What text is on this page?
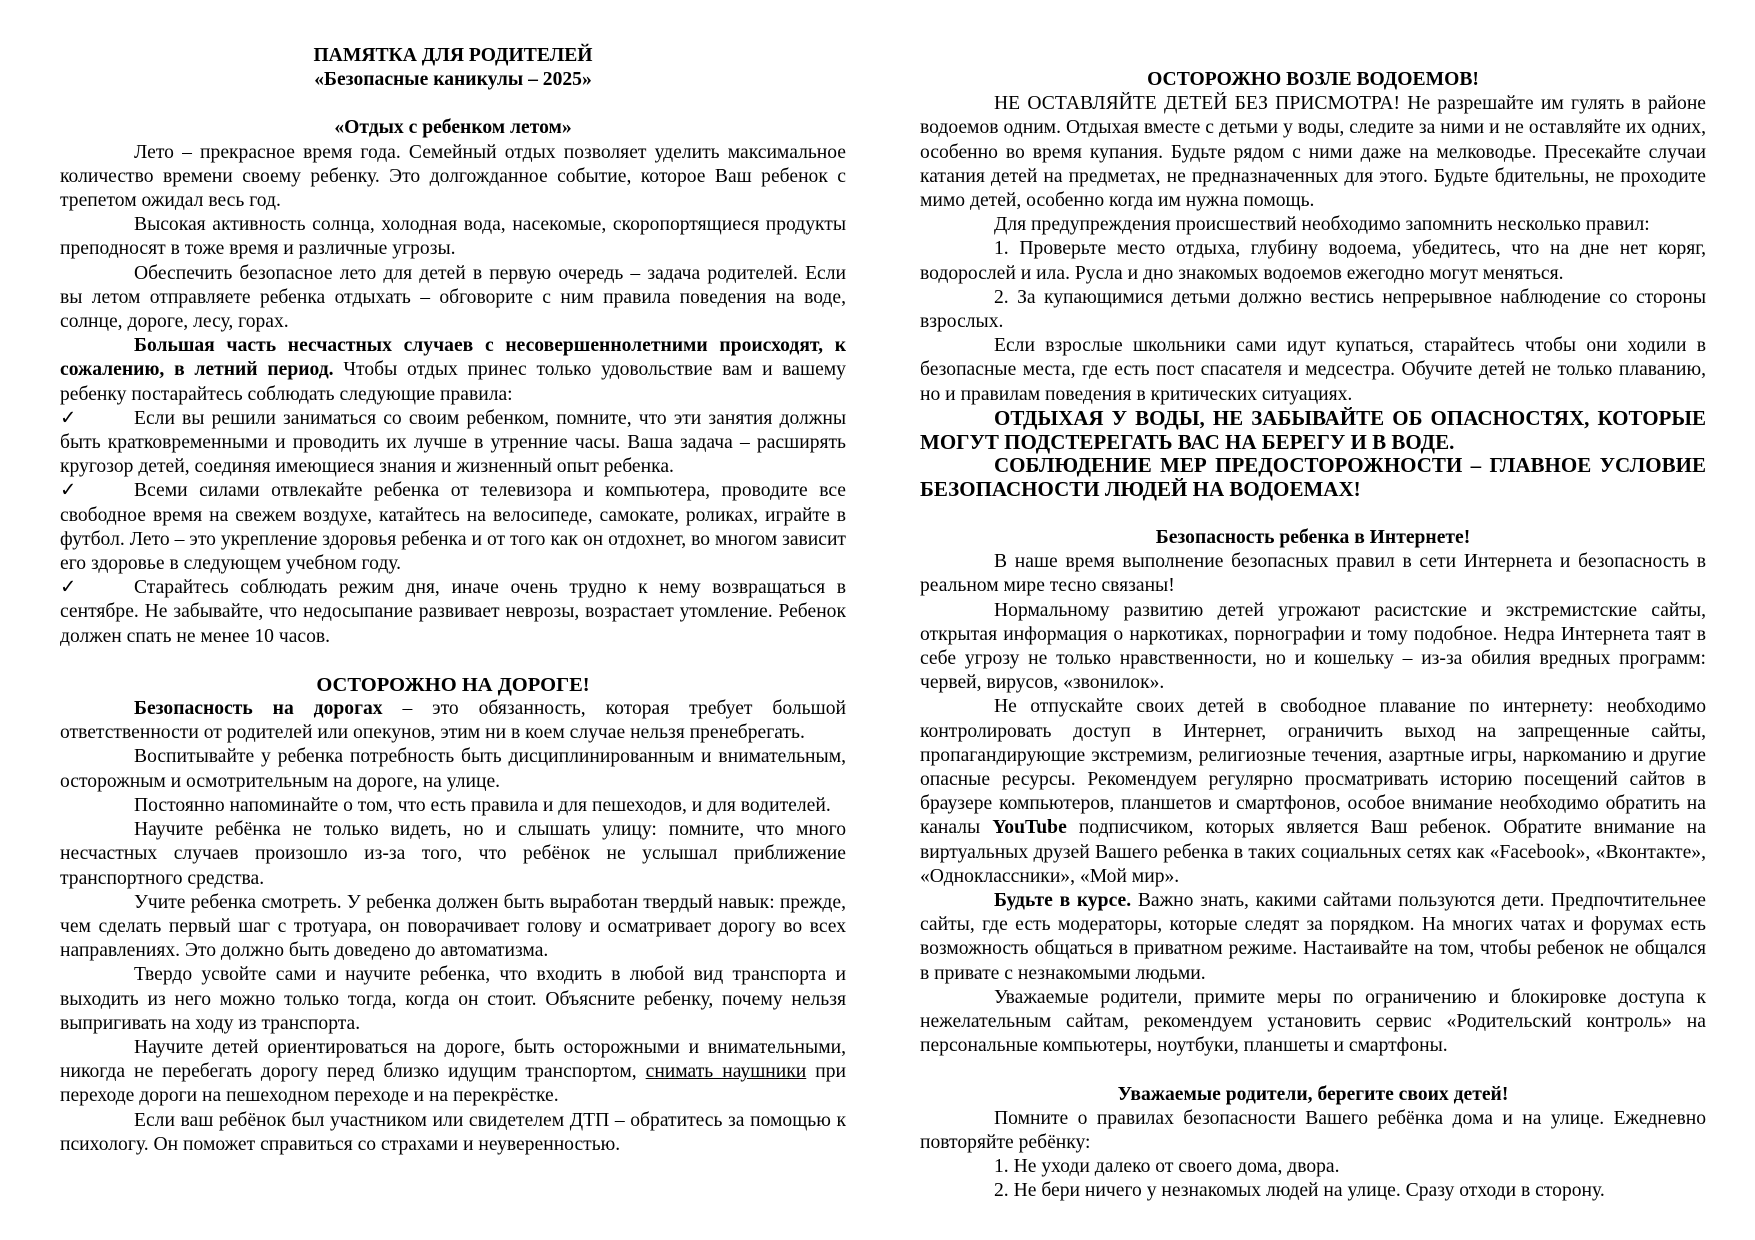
ПАМЯТКА ДЛЯ РОДИТЕЛЕЙ

«Безопасные каникулы – 2025»

«Отдых с ребенком летом»

Лето – прекрасное время года. Семейный отдых позволяет уделить максимальное количество времени своему ребенку. Это долгожданное событие, которое Ваш ребенок с трепетом ожидал весь год.

Высокая активность солнца, холодная вода, насекомые, скоропортящиеся продукты преподносят в тоже время и различные угрозы.

Обеспечить безопасное лето для детей в первую очередь – задача родителей. Если вы летом отправляете ребенка отдыхать – обговорите с ним правила поведения на воде, солнце, дороге, лесу, горах.

Большая часть несчастных случаев с несовершеннолетними происходят, к сожалению, в летний период. Чтобы отдых принес только удовольствие вам и вашему ребенку постарайтесь соблюдать следующие правила:

✓	Если вы решили заниматься со своим ребенком, помните, что эти занятия должны быть кратковременными и проводить их лучше в утренние часы. Ваша задача – расширять кругозор детей, соединяя имеющиеся знания и жизненный опыт ребенка.

✓	Всеми силами отвлекайте ребенка от телевизора и компьютера, проводите все свободное время на свежем воздухе, катайтесь на велосипеде, самокате, роликах, играйте в футбол. Лето – это укрепление здоровья ребенка и от того как он отдохнет, во многом зависит его здоровье в следующем учебном году.

✓	Старайтесь соблюдать режим дня, иначе очень трудно к нему возвращаться в сентябре. Не забывайте, что недосыпание развивает неврозы, возрастает утомление. Ребенок должен спать не менее 10 часов.

ОСТОРОЖНО НА ДОРОГЕ!

Безопасность на дорогах – это обязанность, которая требует большой ответственности от родителей или опекунов, этим ни в коем случае нельзя пренебрегать.

Воспитывайте у ребенка потребность быть дисциплинированным и внимательным, осторожным и осмотрительным на дороге, на улице.

Постоянно напоминайте о том, что есть правила и для пешеходов, и для водителей.

Научите ребёнка не только видеть, но и слышать улицу: помните, что много несчастных случаев произошло из-за того, что ребёнок не услышал приближение транспортного средства.

Учите ребенка смотреть. У ребенка должен быть выработан твердый навык: прежде, чем сделать первый шаг с тротуара, он поворачивает голову и осматривает дорогу во всех направлениях. Это должно быть доведено до автоматизма.

Твердо усвойте сами и научите ребенка, что входить в любой вид транспорта и выходить из него можно только тогда, когда он стоит. Объясните ребенку, почему нельзя выпригивать на ходу из транспорта.

Научите детей ориентироваться на дороге, быть осторожными и внимательными, никогда не перебегать дорогу перед близко идущим транспортом, снимать наушники при переходе дороги на пешеходном переходе и на перекрёстке.

Если ваш ребёнок был участником или свидетелем ДТП – обратитесь за помощью к психологу. Он поможет справиться со страхами и неуверенностью.

ОСТОРОЖНО ВОЗЛЕ ВОДОЕМОВ!

НЕ ОСТАВЛЯЙТЕ ДЕТЕЙ БЕЗ ПРИСМОТРА! Не разрешайте им гулять в районе водоемов одним. Отдыхая вместе с детьми у воды, следите за ними и не оставляйте их одних, особенно во время купания. Будьте рядом с ними даже на мелководье. Пресекайте случаи катания детей на предметах, не предназначенных для этого. Будьте бдительны, не проходите мимо детей, особенно когда им нужна помощь.

Для предупреждения происшествий необходимо запомнить несколько правил:

1. Проверьте место отдыха, глубину водоема, убедитесь, что на дне нет коряг, водорослей и ила. Русла и дно знакомых водоемов ежегодно могут меняться.

2. За купающимися детьми должно вестись непрерывное наблюдение со стороны взрослых.

Если взрослые школьники сами идут купаться, старайтесь чтобы они ходили в безопасные места, где есть пост спасателя и медсестра. Обучите детей не только плаванию, но и правилам поведения в критических ситуациях.

ОТДЫХАЯ У ВОДЫ, НЕ ЗАБЫВАЙТЕ ОБ ОПАСНОСТЯХ, КОТОРЫЕ МОГУТ ПОДСТЕРЕГАТЬ ВАС НА БЕРЕГУ И В ВОДЕ.

СОБЛЮДЕНИЕ МЕР ПРЕДОСТОРОЖНОСТИ – ГЛАВНОЕ УСЛОВИЕ БЕЗОПАСНОСТИ ЛЮДЕЙ НА ВОДОЕМАХ!

Безопасность ребенка в Интернете!

В наше время выполнение безопасных правил в сети Интернета и безопасность в реальном мире тесно связаны!

Нормальному развитию детей угрожают расистские и экстремистские сайты, открытая информация о наркотиках, порнографии и тому подобное. Недра Интернета таят в себе угрозу не только нравственности, но и кошельку – из-за обилия вредных программ: червей, вирусов, «звонилок».

Не отпускайте своих детей в свободное плавание по интернету: необходимо контролировать доступ в Интернет, ограничить выход на запрещенные сайты, пропагандирующие экстремизм, религиозные течения, азартные игры, наркоманию и другие опасные ресурсы. Рекомендуем регулярно просматривать историю посещений сайтов в браузере компьютеров, планшетов и смартфонов, особое внимание необходимо обратить на каналы YouTube подписчиком, которых является Ваш ребенок. Обратите внимание на виртуальных друзей Вашего ребенка в таких социальных сетях как «Facebook», «Вконтакте», «Одноклассники», «Мой мир».

Будьте в курсе. Важно знать, какими сайтами пользуются дети. Предпочтительнее сайты, где есть модераторы, которые следят за порядком. На многих чатах и форумах есть возможность общаться в приватном режиме. Настаивайте на том, чтобы ребенок не общался в привате с незнакомыми людьми.

Уважаемые родители, примите меры по ограничению и блокировке доступа к нежелательным сайтам, рекомендуем установить сервис «Родительский контроль» на персональные компьютеры, ноутбуки, планшеты и смартфоны.

Уважаемые родители, берегите своих детей!

Помните о правилах безопасности Вашего ребёнка дома и на улице. Ежедневно повторяйте ребёнку:

1. Не уходи далеко от своего дома, двора.

2. Не бери ничего у незнакомых людей на улице. Сразу отходи в сторону.
